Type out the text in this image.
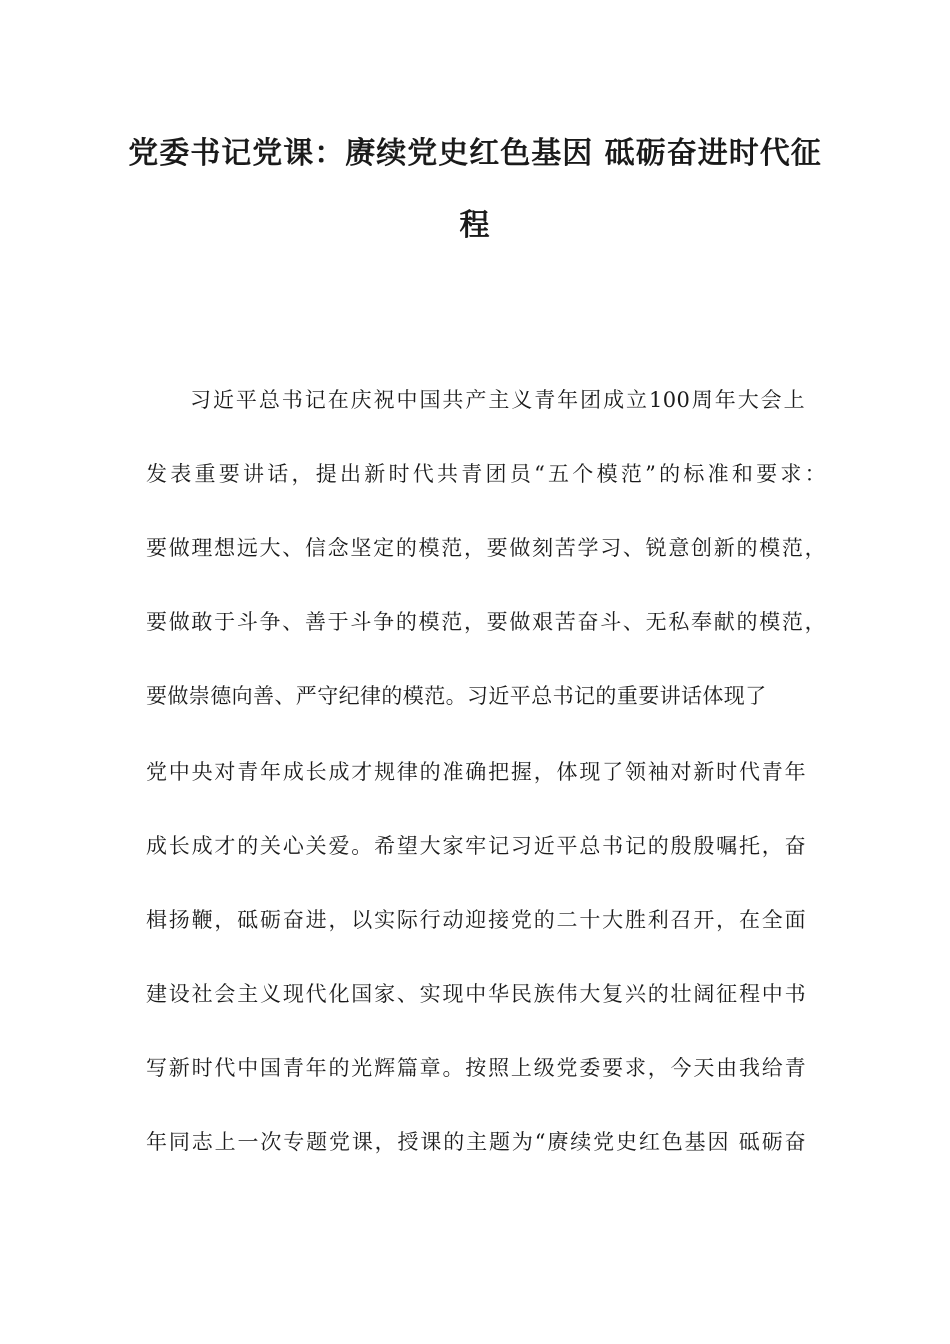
党委书记党课：赓续党史红色基因 砥砺奋进时代征
程
习近平总书记在庆祝中国共产主义青年团成立100周年大会上
发表重要讲话，提出新时代共青团员“五个模范”的标准和要求：
要做理想远大、信念坚定的模范，要做刻苦学习、锐意创新的模范，
要做敢于斗争、善于斗争的模范，要做艰苦奋斗、无私奉献的模范，
要做崇德向善、严守纪律的模范。习近平总书记的重要讲话体现了
党中央对青年成长成才规律的准确把握，体现了领袖对新时代青年
成长成才的关心关爱。希望大家牢记习近平总书记的殷殷嘱托，奋
楫扬鞭，砥砺奋进，以实际行动迎接党的二十大胜利召开，在全面
建设社会主义现代化国家、实现中华民族伟大复兴的壮阔征程中书
写新时代中国青年的光辉篇章。按照上级党委要求，今天由我给青
年同志上一次专题党课，授课的主题为“赓续党史红色基因 砥砺奋
